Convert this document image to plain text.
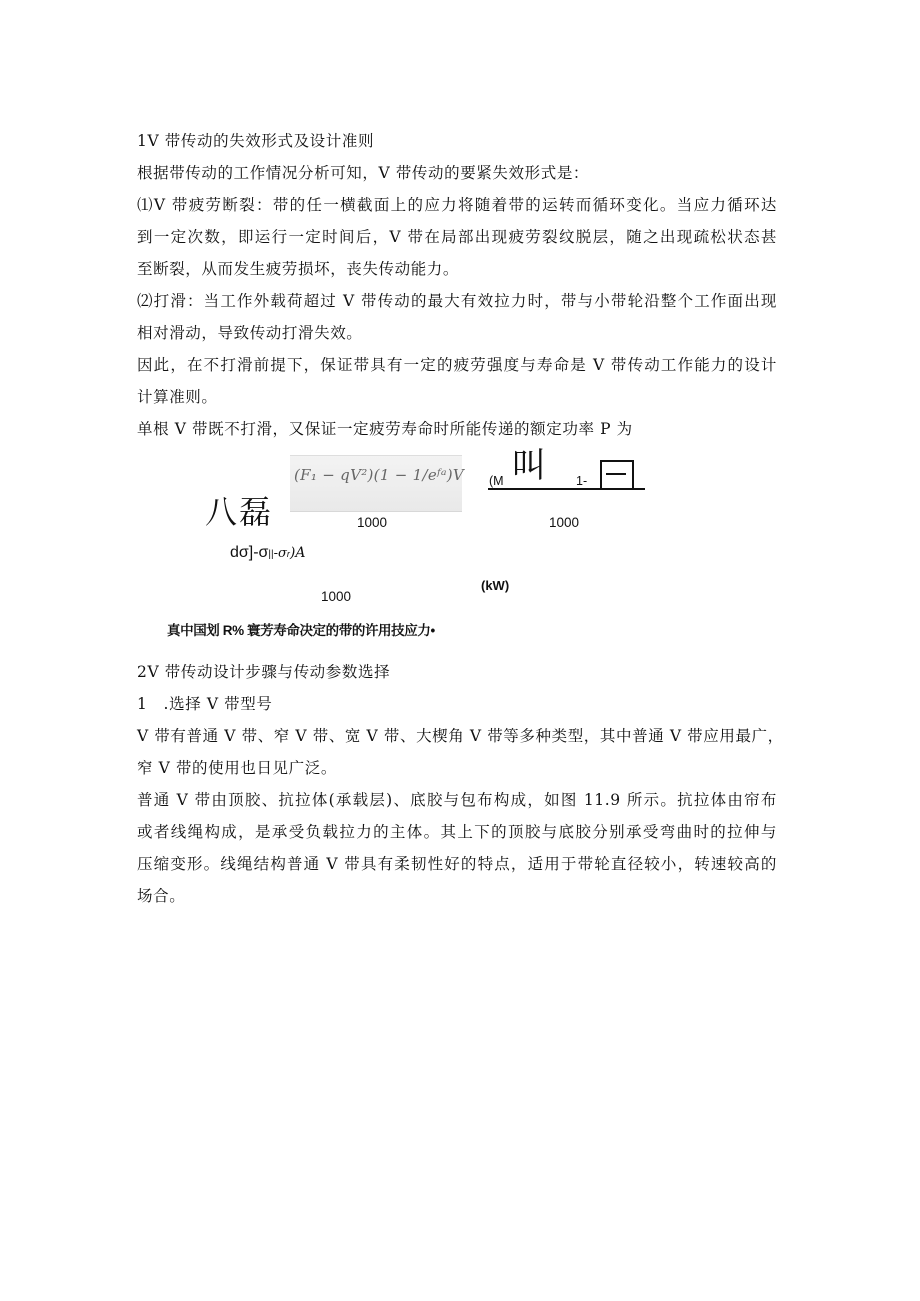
1V 带传动的失效形式及设计准则
根据带传动的工作情况分析可知，V 带传动的要紧失效形式是：
⑴V 带疲劳断裂：带的任一横截面上的应力将随着带的运转而循环变化。当应力循环达
到一定次数，即运行一定时间后，V 带在局部出现疲劳裂纹脱层，随之出现疏松状态甚
至断裂，从而发生疲劳损坏，丧失传动能力。
⑵打滑：当工作外载荷超过 V 带传动的最大有效拉力时，带与小带轮沿整个工作面出现
相对滑动，导致传动打滑失效。
因此，在不打滑前提下，保证带具有一定的疲劳强度与寿命是 V 带传动工作能力的设计
计算准则。
单根 V 带既不打滑，又保证一定疲劳寿命时所能传递的额定功率 P 为
八磊
(F₁ − qV²)(1 − 1/eᶠᵃ)V
1000
(M 叫 1-
1000
dσ]-σ||-σr)A
1000
(kW)
真中国划 R% 寰芳寿命决定的带的许用技应力•
2V 带传动设计步骤与传动参数选择
1　.选择 V 带型号
V 带有普通 V 带、窄 V 带、宽 V 带、大楔角 V 带等多种类型，其中普通 V 带应用最广，
窄 V 带的使用也日见广泛。
普通 V 带由顶胶、抗拉体(承载层)、底胶与包布构成，如图 11.9 所示。抗拉体由帘布
或者线绳构成，是承受负载拉力的主体。其上下的顶胶与底胶分别承受弯曲时的拉伸与
压缩变形。线绳结构普通 V 带具有柔韧性好的特点，适用于带轮直径较小，转速较高的
场合。
